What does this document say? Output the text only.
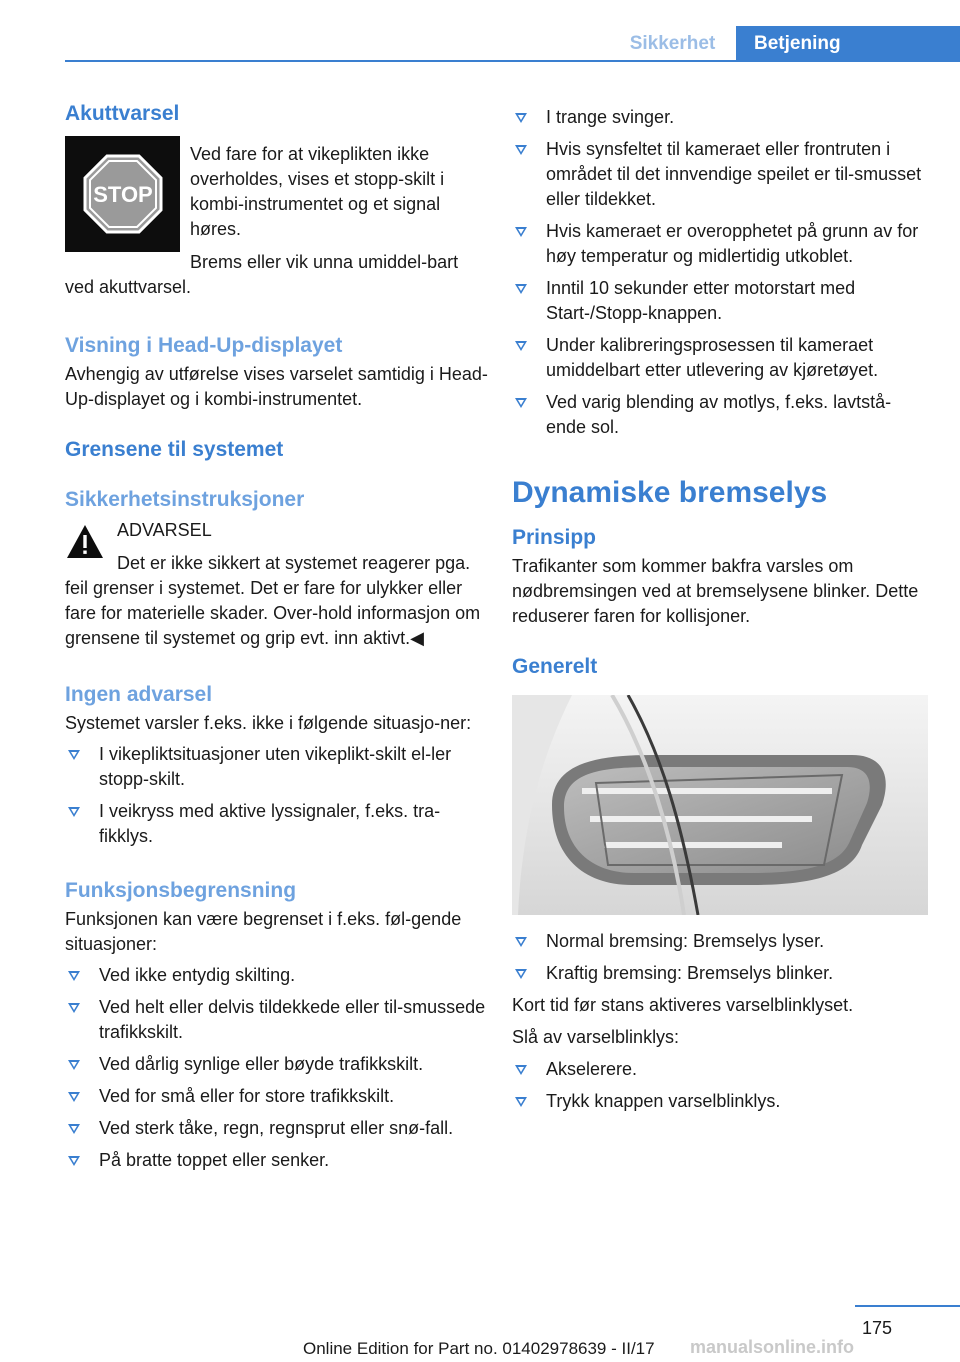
Sikkerhet	Betjening
Akuttvarsel
STOP

Ved fare for at vikeplikten ikke overholdes, vises et stopp-skilt i kombi-instrumentet og et signal høres.

Brems eller vik unna umiddel-bart ved akuttvarsel.

Visning i Head-Up-displayet

Avhengig av utførelse vises varselet samtidig i Head-Up-displayet og i kombi-instrumentet.

Grensene til systemet
Sikkerhetsinstruksjoner

ADVARSEL

Det er ikke sikkert at systemet reagerer pga. feil grenser i systemet. Det er fare for ulykker eller fare for materielle skader. Over-hold informasjon om grensene til systemet og grip evt. inn aktivt.◀

Ingen advarsel

Systemet varsler f.eks. ikke i følgende situasjo-ner:

I vikepliktsituasjoner uten vikeplikt-skilt el-ler stopp-skilt.
I veikryss med aktive lyssignaler, f.eks. tra-fikklys.
Funksjonsbegrensning

Funksjonen kan være begrenset i f.eks. føl-gende situasjoner:

Ved ikke entydig skilting.
Ved helt eller delvis tildekkede eller til-smussede trafikkskilt.
Ved dårlig synlige eller bøyde trafikkskilt.
Ved for små eller for store trafikkskilt.
Ved sterk tåke, regn, regnsprut eller snø-fall.
På bratte toppet eller senker.
I trange svinger.
Hvis synsfeltet til kameraet eller frontruten i området til det innvendige speilet er til-smusset eller tildekket.
Hvis kameraet er overopphetet på grunn av for høy temperatur og midlertidig utkoblet.
Inntil 10 sekunder etter motorstart med Start-/Stopp-knappen.
Under kalibreringsprosessen til kameraet umiddelbart etter utlevering av kjøretøyet.
Ved varig blending av motlys, f.eks. lavtstå-ende sol.
Dynamiske bremselys
Prinsipp

Trafikanter som kommer bakfra varsles om nødbremsingen ved at bremselysene blinker. Dette reduserer faren for kollisjoner.

Generelt
Normal bremsing: Bremselys lyser.
Kraftig bremsing: Bremselys blinker.

Kort tid før stans aktiveres varselblinklyset.

Slå av varselblinklys:

Akselerere.
Trykk knappen varselblinklys.
175
Online Edition for Part no. 01402978639 - II/17 manualsonline.info
